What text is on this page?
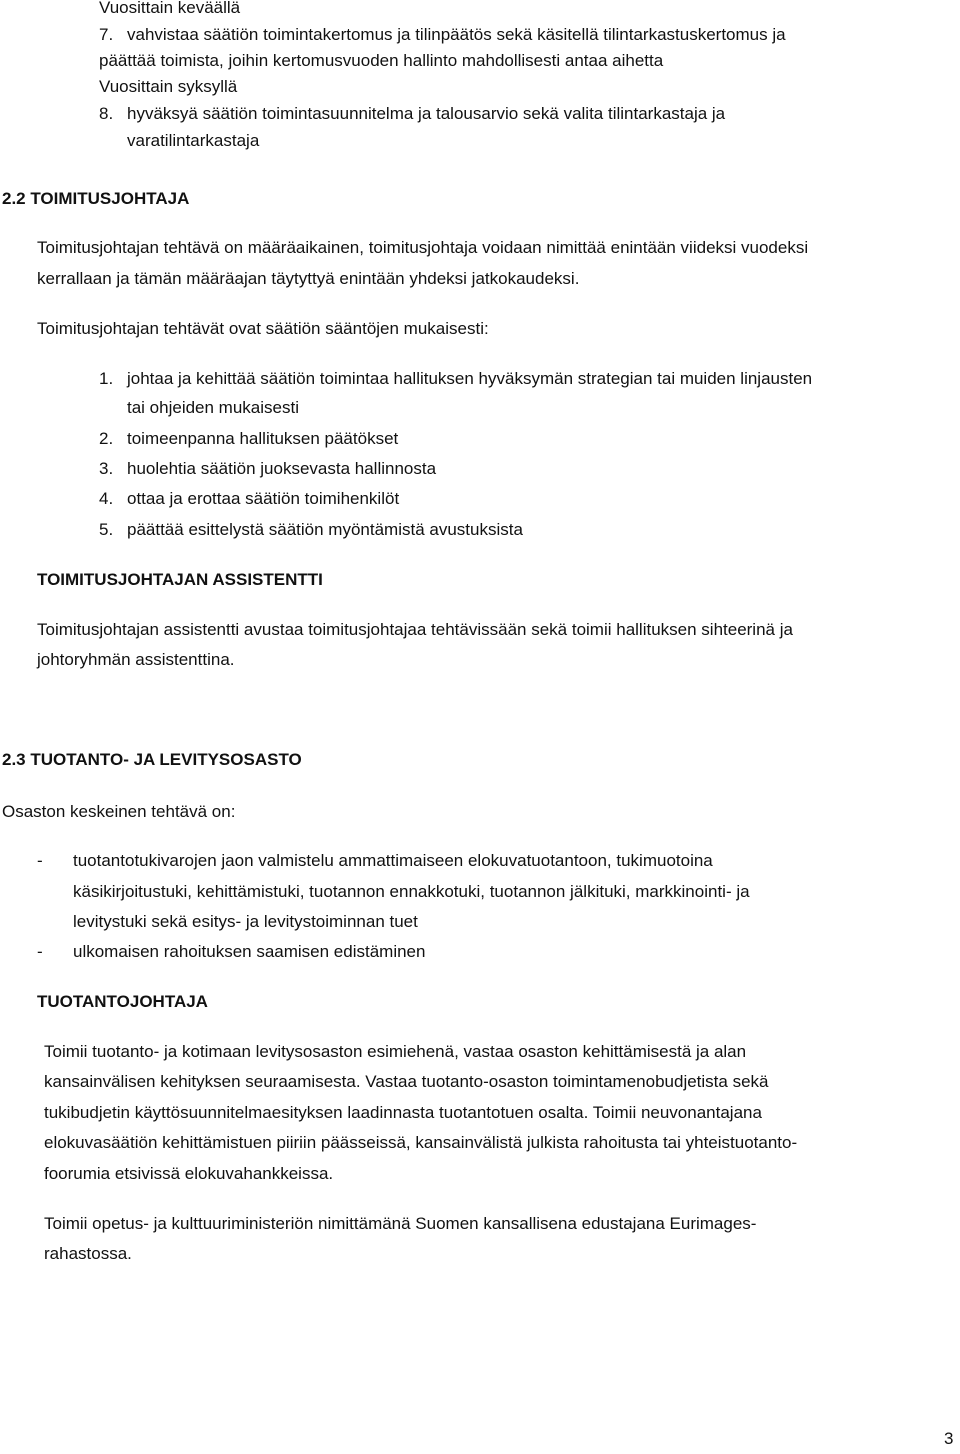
Vuosittain keväällä
7. vahvistaa säätiön toimintakertomus ja tilinpäätös sekä käsitellä tilintarkastuskertomus ja
päättää toimista, joihin kertomusvuoden hallinto mahdollisesti antaa aihetta
Vuosittain syksyllä
8. hyväksyä säätiön toimintasuunnitelma ja talousarvio sekä valita tilintarkastaja ja
varatilintarkastaja
2.2 TOIMITUSJOHTAJA
Toimitusjohtajan tehtävä on määräaikainen, toimitusjohtaja voidaan nimittää enintään viideksi vuodeksi
kerrallaan ja tämän määräajan täytyttyä enintään yhdeksi jatkokaudeksi.
Toimitusjohtajan tehtävät ovat säätiön sääntöjen mukaisesti:
1. johtaa ja kehittää säätiön toimintaa hallituksen hyväksymän strategian tai muiden linjausten
tai ohjeiden mukaisesti
2. toimeenpanna hallituksen päätökset
3. huolehtia säätiön juoksevasta hallinnosta
4. ottaa ja erottaa säätiön toimihenkilöt
5. päättää esittelystä säätiön myöntämistä avustuksista
TOIMITUSJOHTAJAN ASSISTENTTI
Toimitusjohtajan assistentti avustaa toimitusjohtajaa tehtävissään sekä toimii hallituksen sihteerinä ja
johtoryhmän assistenttina.
2.3 TUOTANTO- JA LEVITYSOSASTO
Osaston keskeinen tehtävä on:
- tuotantotukivarojen jaon valmistelu ammattimaiseen elokuvatuotantoon, tukimuotoina
käsikirjoitustuki, kehittämistuki, tuotannon ennakkotuki, tuotannon jälkituki, markkinointi- ja
levitystuki sekä esitys- ja levitystoiminnan tuet
- ulkomaisen rahoituksen saamisen edistäminen
TUOTANTOJOHTAJA
Toimii tuotanto- ja kotimaan levitysosaston esimiehenä, vastaa osaston kehittämisestä ja alan
kansainvälisen kehityksen seuraamisesta. Vastaa tuotanto-osaston toimintamenobudjetista sekä
tukibudjetin käyttösuunnitelmaesityksen laadinnasta tuotantotuen osalta. Toimii neuvonantajana
elokuvasäätiön kehittämistuen piiriin päässeissä, kansainvälistä julkista rahoitusta tai yhteistuotanto-
foorumia etsivissä elokuvahankkeissa.
Toimii opetus- ja kulttuuriministeriön nimittämänä Suomen kansallisena edustajana Eurimages-
rahastossa.
3
